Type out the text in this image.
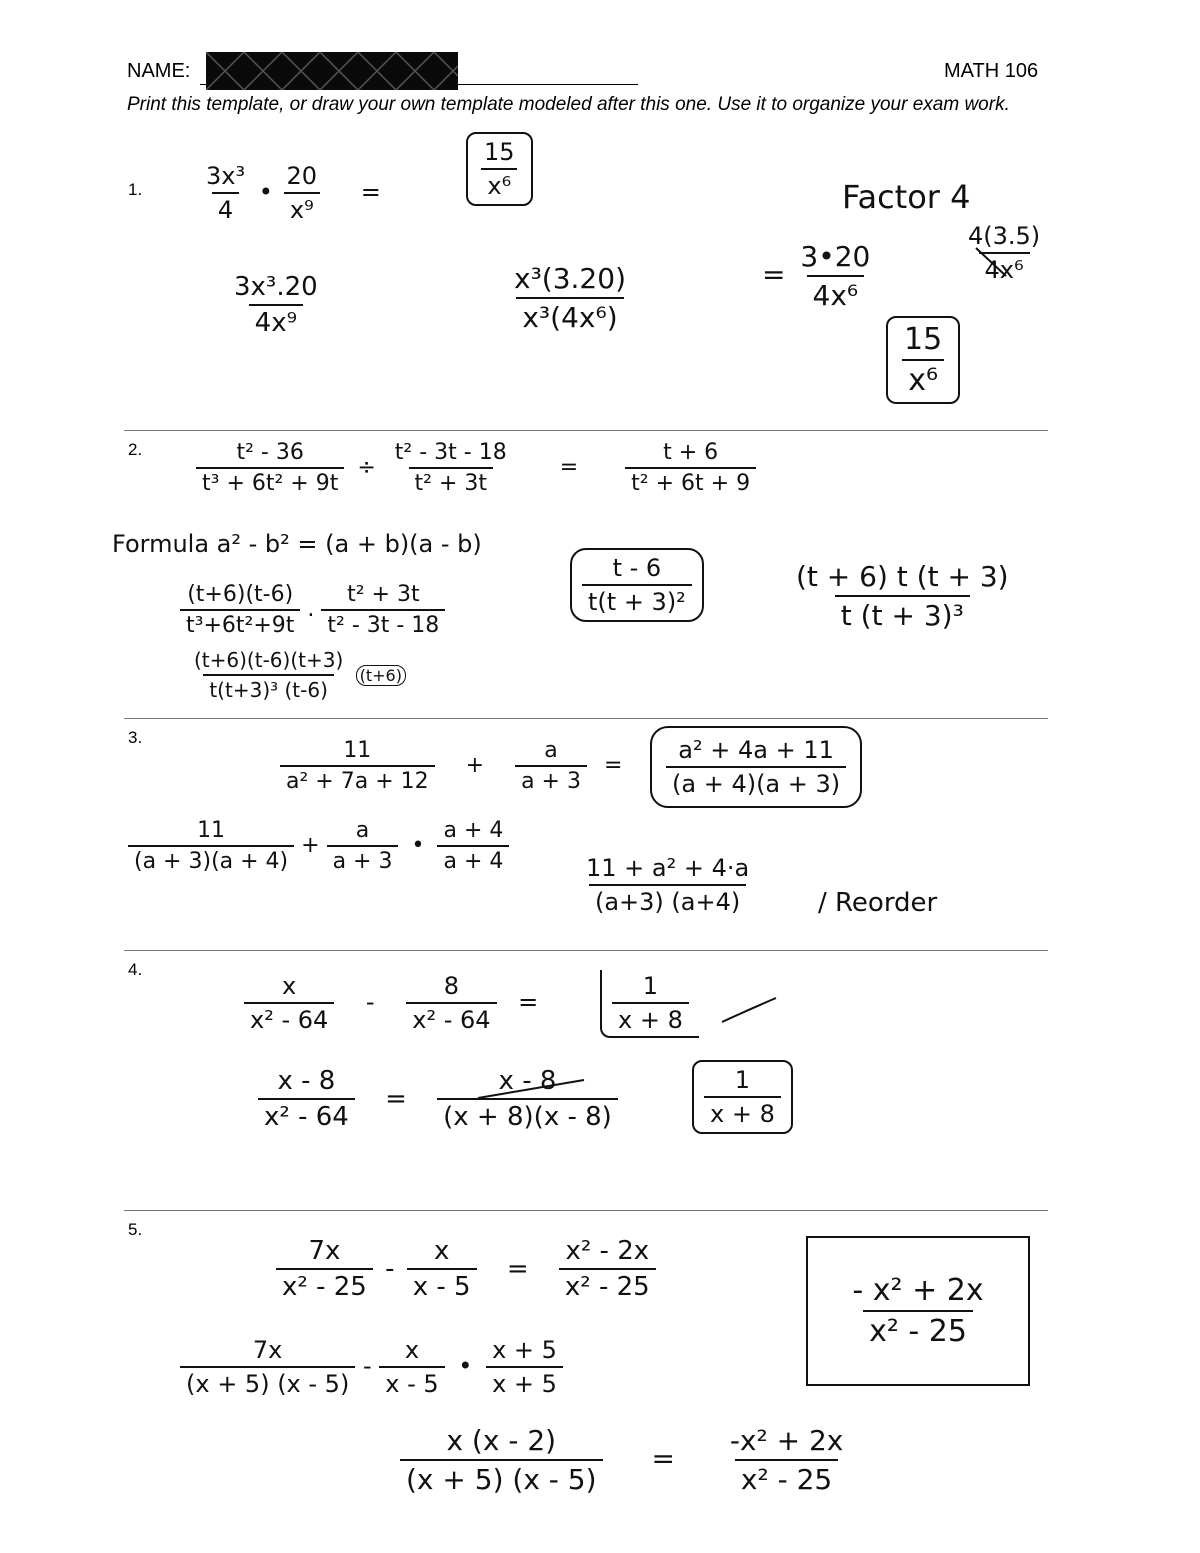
NAME:	MATH 106
Print this template, or draw your own template modeled after this one. Use it to organize your exam work.
1.
2.
3.
4.
5.
$\frac{\text{3x³}}{4}$ • $\frac{20}{\text{x⁹}}$ =	$\frac{15}{\text{x⁶}}$	Factor 4
$\frac{\text{3x³.20}}{\text{4x⁹}}$	$\frac{\text{x³(3.20)}}{\text{x³(4x⁶)}}$	= $\frac{3•20}{\text{4x⁶}}$	$\frac{4(3.5)}{\text{4x⁶}}$
$\frac{15}{\text{x⁶}}$
$\frac{\text{t² - 36}}{\text{t³ + 6t² + 9t}} \div \frac{\text{t² - 3t - 18}}{\text{t² + 3t}} = \frac{t + 6}{\text{t² + 6t + 9}}$
Formula a² - b² = (a + b)(a - b)
$\frac{(t+6)(t-6)}{\text{t³+6t²+9t}}$ . $\frac{\text{t² + 3t}}{\text{t² - 3t - 18}}$
$\frac{(t+6)(t-6)(t+3)}{\text{t(t+3)³ (t-6)}} (t+6)$
$\frac{t - 6}{\text{t(t + 3)²}}$	$\frac{(t + 6) t (t + 3)}{\text{t (t + 3)³}}$
$\frac{11}{\text{a² + 7a + 12}} + \frac{a}{a + 3}$ =	$\frac{\text{a² + 4a + 11}}{(a + 4)(a + 3)}$
$\frac{11}{(a + 3)(a + 4)} + \frac{a}{a + 3}$ • $\frac{a + 4}{a + 4}$
$\frac{\text{11 + a² + 4·a}}{(a+3) (a+4)}$ / Reorder
$\frac{x}{\text{x² - 64}} - \frac{8}{\text{x² - 64}}$ =	$\frac{1}{x + 8}$
$\frac{x - 8}{\text{x² - 64}} = \frac{x - 8}{(x + 8)(x - 8)}$	$\frac{1}{x + 8}$
$\frac{7x}{\text{x² - 25}} - \frac{x}{x - 5} = \frac{\text{x² - 2x}}{\text{x² - 25}}$
$\frac{\text{- x² + 2x}}{\text{x² - 25}}$
$\frac{7x}{(x + 5) (x - 5)} - \frac{x}{x - 5}$ • $\frac{x + 5}{x + 5}$
$\frac{x (x - 2)}{(x + 5) (x - 5)} = \frac{\text{-x² + 2x}}{\text{x² - 25}}$
